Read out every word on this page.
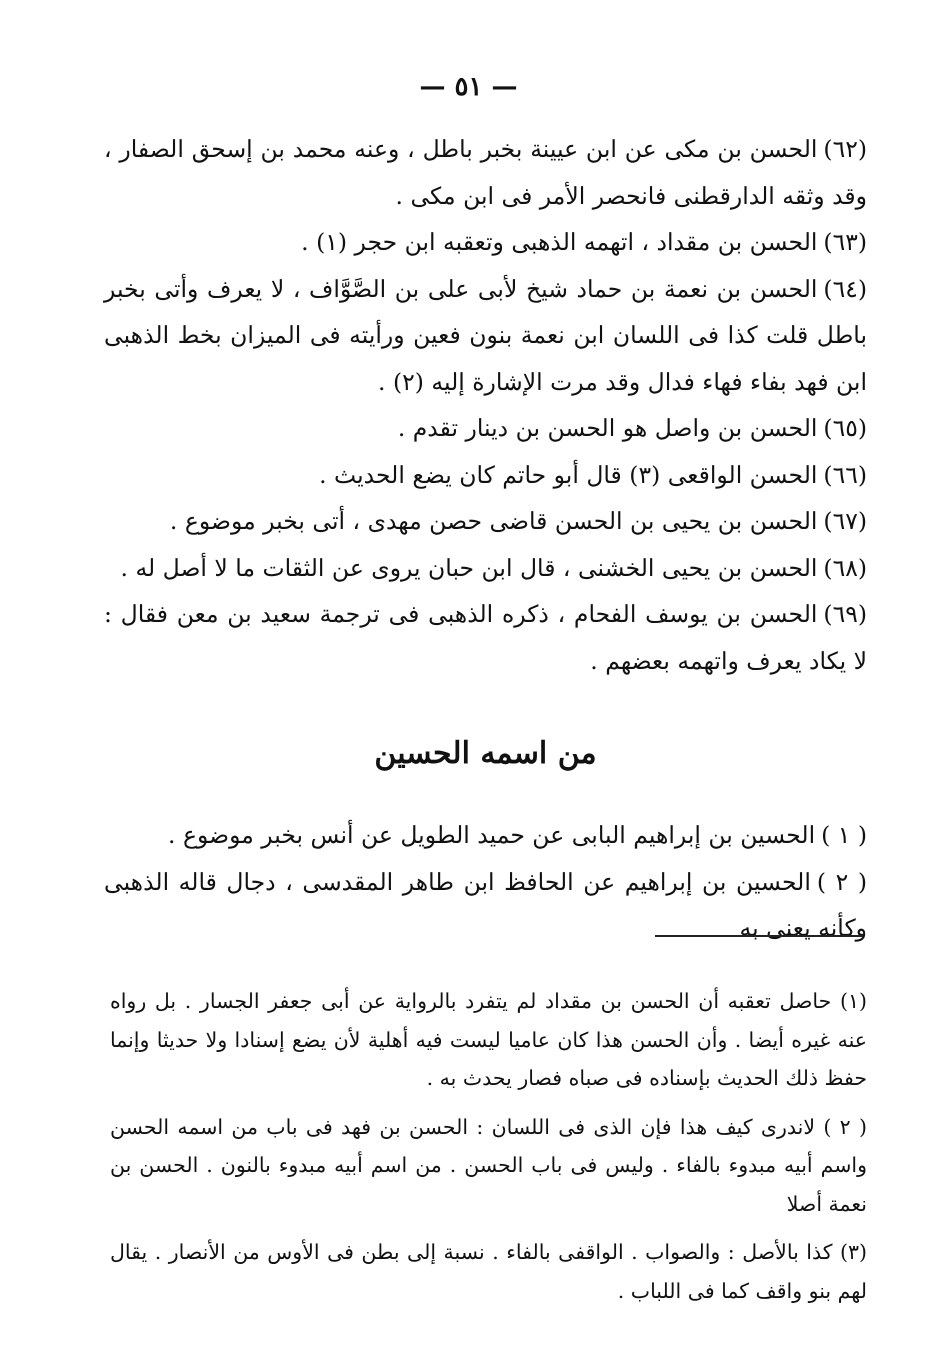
— ٥١ —

(٦٢)الحسن بن مكى عن ابن عيينة بخبر باطل ، وعنه محمد بن إسحق الصفار ، وقد وثقه الدارقطنى فانحصر الأمر فى ابن مكى .

(٦٣)الحسن بن مقداد ، اتهمه الذهبى وتعقبه ابن حجر (١) .

(٦٤)الحسن بن نعمة بن حماد شيخ لأبى على بن الصَّوَّاف ، لا يعرف وأتى بخبر باطل قلت كذا فى اللسان ابن نعمة بنون فعين ورأيته فى الميزان بخط الذهبى ابن فهد بفاء فهاء فدال وقد مرت الإشارة إليه (٢) .

(٦٥)الحسن بن واصل هو الحسن بن دينار تقدم .

(٦٦)الحسن الواقعى (٣) قال أبو حاتم كان يضع الحديث .

(٦٧)الحسن بن يحيى بن الحسن قاضى حصن مهدى ، أتى بخبر موضوع .

(٦٨)الحسن بن يحيى الخشنى ، قال ابن حبان يروى عن الثقات ما لا أصل له .

(٦٩)الحسن بن يوسف الفحام ، ذكره الذهبى فى ترجمة سعيد بن معن فقال : لا يكاد يعرف واتهمه بعضهم .

من اسمه الحسين

( ١ )الحسين بن إبراهيم البابى عن حميد الطويل عن أنس بخبر موضوع .

( ٢ )الحسين بن إبراهيم عن الحافظ ابن طاهر المقدسى ، دجال قاله الذهبى وكأنه يعنى به

(١) حاصل تعقبه أن الحسن بن مقداد لم يتفرد بالرواية عن أبى جعفر الجسار . بل رواه عنه غيره أيضا . وأن الحسن هذا كان عاميا ليست فيه أهلية لأن يضع إسنادا ولا حديثا وإنما حفظ ذلك الحديث بإسناده فى صباه فصار يحدث به .

( ٢ ) لاندرى كيف هذا فإن الذى فى اللسان : الحسن بن فهد فى باب من اسمه الحسن واسم أبيه مبدوء بالفاء . وليس فى باب الحسن . من اسم أبيه مبدوء بالنون . الحسن بن نعمة أصلا

(٣) كذا بالأصل : والصواب . الواقفى بالفاء . نسبة إلى بطن فى الأوس من الأنصار . يقال لهم بنو واقف كما فى اللباب .
